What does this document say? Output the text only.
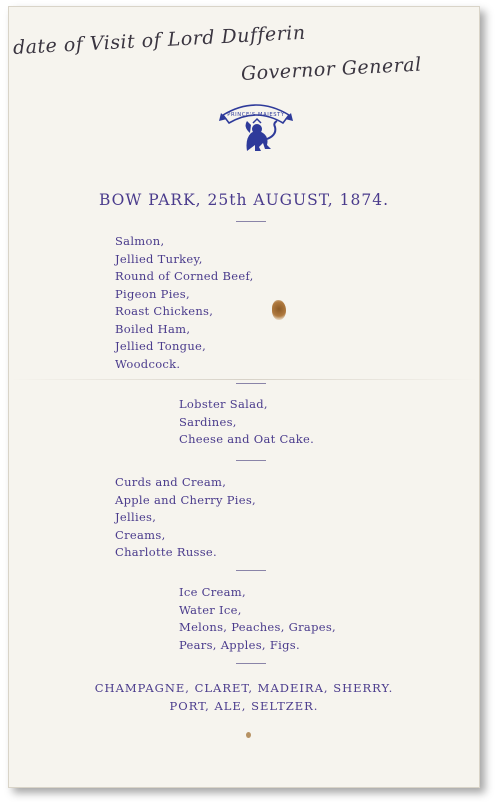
date of Visit of Lord Dufferin
Governor General
PRINCE'S MAJESTY
BOW PARK, 25th AUGUST, 1874.
Salmon,
Jellied Turkey,
Round of Corned Beef,
Pigeon Pies,
Roast Chickens,
Boiled Ham,
Jellied Tongue,
Woodcock.
Lobster Salad,
Sardines,
Cheese and Oat Cake.
Curds and Cream,
Apple and Cherry Pies,
Jellies,
Creams,
Charlotte Russe.
Ice Cream,
Water Ice,
Melons, Peaches, Grapes,
Pears, Apples, Figs.
CHAMPAGNE, CLARET, MADEIRA, SHERRY.
PORT, ALE, SELTZER.
